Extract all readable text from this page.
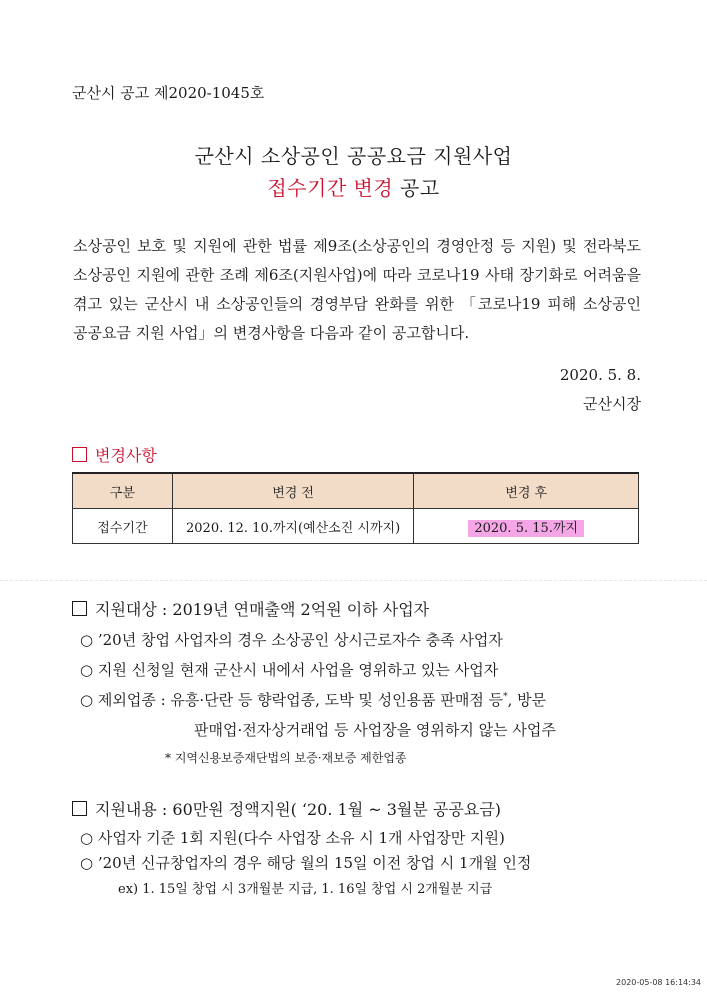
군산시 공고 제2020-1045호
군산시 소상공인 공공요금 지원사업
접수기간 변경 공고
소상공인 보호 및 지원에 관한 법률 제9조(소상공인의 경영안정 등 지원) 및 전라북도 소상공인 지원에 관한 조례 제6조(지원사업)에 따라 코로나19 사태 장기화로 어려움을 겪고 있는 군산시 내 소상공인들의 경영부담 완화를 위한 「코로나19 피해 소상공인 공공요금 지원 사업」의 변경사항을 다음과 같이 공고합니다.
2020. 5. 8.
군산시장
변경사항
구분	변경 전	변경 후
접수기간	2020. 12. 10.까지(예산소진 시까지)	2020. 5. 15.까지
지원대상 : 2019년 연매출액 2억원 이하 사업자
○ ’20년 창업 사업자의 경우 소상공인 상시근로자수 충족 사업자
○ 지원 신청일 현재 군산시 내에서 사업을 영위하고 있는 사업자
○ 제외업종 : 유흥·단란 등 향락업종, 도박 및 성인용품 판매점 등*, 방문
판매업·전자상거래업 등 사업장을 영위하지 않는 사업주
* 지역신용보증재단법의 보증·재보증 제한업종
지원내용 : 60만원 정액지원( ‘20. 1월 ~ 3월분 공공요금)
○ 사업자 기준 1회 지원(다수 사업장 소유 시 1개 사업장만 지원)
○ ’20년 신규창업자의 경우 해당 월의 15일 이전 창업 시 1개월 인정
ex) 1. 15일 창업 시 3개월분 지급, 1. 16일 창업 시 2개월분 지급
2020-05-08 16:14:34
